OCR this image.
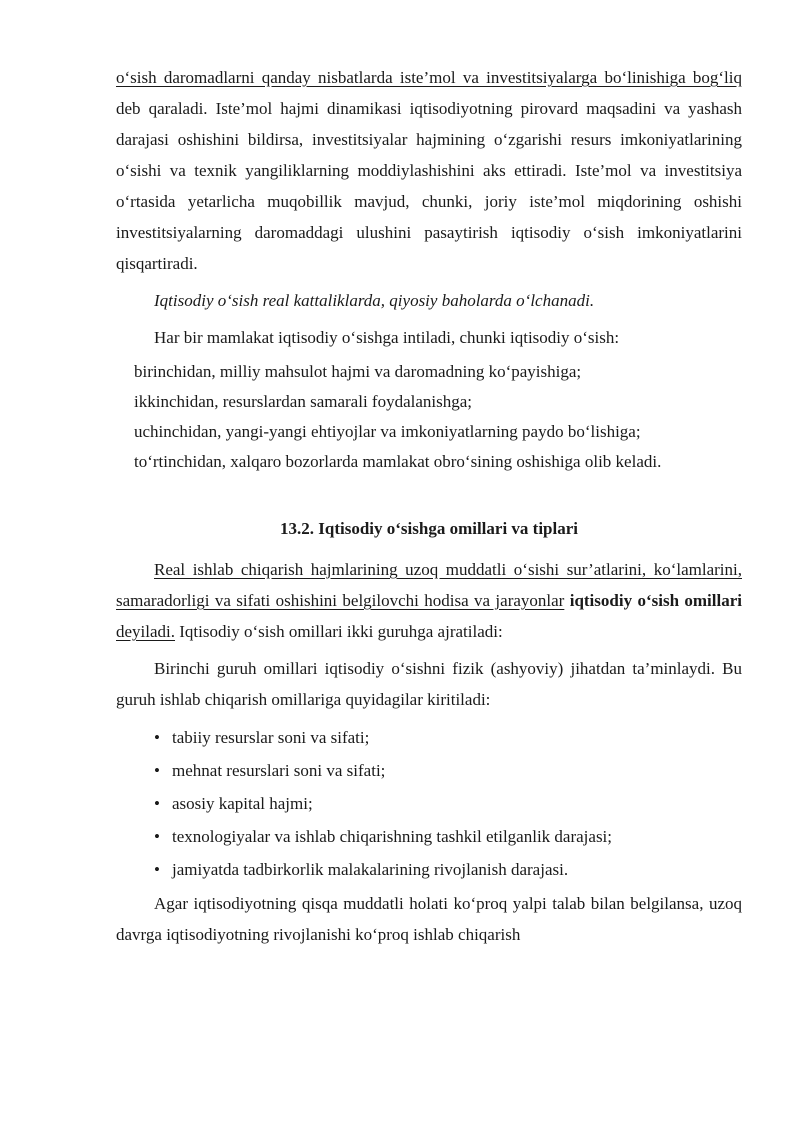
o‘sish daromadlarni qanday nisbatlarda iste’mol va investitsiyalarga bo‘linishiga bog‘liq deb qaraladi. Iste’mol hajmi dinamikasi iqtisodiyotning pirovard maqsadini va yashash darajasi oshishini bildirsa, investitsiyalar hajmining o‘zgarishi resurs imkoniyatlarining o‘sishi va texnik yangiliklarning moddiylashishini aks ettiradi. Iste’mol va investitsiya o‘rtasida yetarlicha muqobillik mavjud, chunki, joriy iste’mol miqdorining oshishi investitsiyalarning daromaddagi ulushini pasaytirish iqtisodiy o‘sish imkoniyatlarini qisqartiradi.

Iqtisodiy o‘sish real kattaliklarda, qiyosiy baholarda o‘lchanadi.

Har bir mamlakat iqtisodiy o‘sishga intiladi, chunki iqtisodiy o‘sish:

birinchidan, milliy mahsulot hajmi va daromadning ko‘payishiga;
ikkinchidan, resurslardan samarali foydalanishga;
uchinchidan, yangi-yangi ehtiyojlar va imkoniyatlarning paydo bo‘lishiga;
to‘rtinchidan, xalqaro bozorlarda mamlakat obro‘sining oshishiga olib keladi.
13.2. Iqtisodiy o‘sishga omillari va tiplari

Real ishlab chiqarish hajmlarining uzoq muddatli o‘sishi sur’atlarini, ko‘lamlarini, samaradorligi va sifati oshishini belgilovchi hodisa va jarayonlar iqtisodiy o‘sish omillari deyiladi. Iqtisodiy o‘sish omillari ikki guruhga ajratiladi:

Birinchi guruh omillari iqtisodiy o‘sishni fizik (ashyoviy) jihatdan ta’minlaydi. Bu guruh ishlab chiqarish omillariga quyidagilar kiritiladi:

• tabiiy resurslar soni va sifati;
• mehnat resurslari soni va sifati;
• asosiy kapital hajmi;
• texnologiyalar va ishlab chiqarishning tashkil etilganlik darajasi;
• jamiyatda tadbirkorlik malakalarining rivojlanish darajasi.

Agar iqtisodiyotning qisqa muddatli holati ko‘proq yalpi talab bilan belgilansa, uzoq davrga iqtisodiyotning rivojlanishi ko‘proq ishlab chiqarish
